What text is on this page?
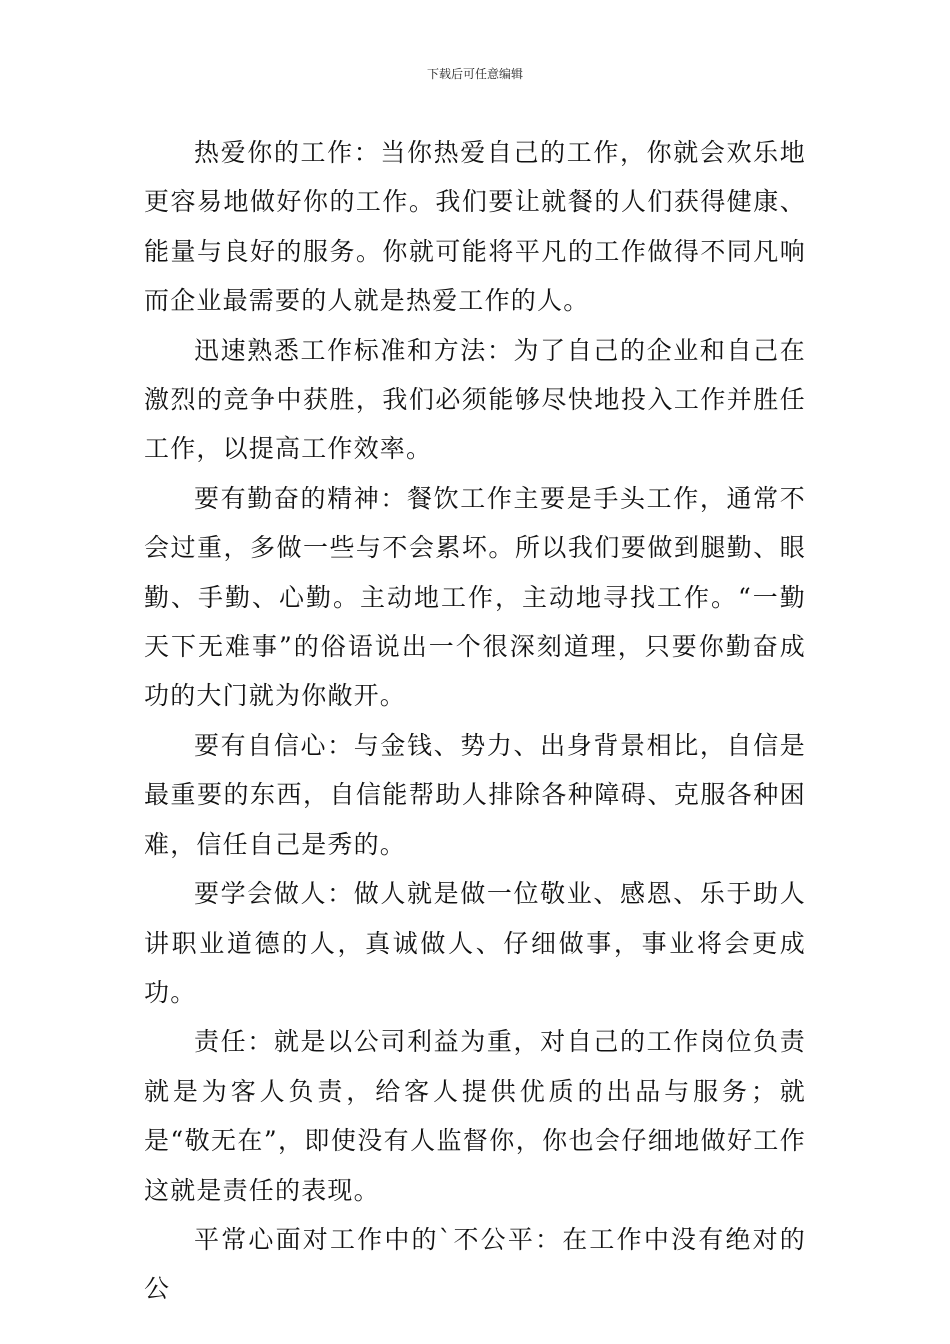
下载后可任意编辑

热爱你的工作：当你热爱自己的工作，你就会欢乐地更容易地做好你的工作。我们要让就餐的人们获得健康、能量与良好的服务。你就可能将平凡的工作做得不同凡响而企业最需要的人就是热爱工作的人。

迅速熟悉工作标准和方法：为了自己的企业和自己在激烈的竞争中获胜，我们必须能够尽快地投入工作并胜任工作，以提高工作效率。

要有勤奋的精神：餐饮工作主要是手头工作，通常不会过重，多做一些与不会累坏。所以我们要做到腿勤、眼勤、手勤、心勤。主动地工作，主动地寻找工作。“一勤天下无难事”的俗语说出一个很深刻道理，只要你勤奋成功的大门就为你敞开。

要有自信心：与金钱、势力、出身背景相比，自信是最重要的东西，自信能帮助人排除各种障碍、克服各种困难，信任自己是秀的。

要学会做人：做人就是做一位敬业、感恩、乐于助人讲职业道德的人，真诚做人、仔细做事，事业将会更成功。

责任：就是以公司利益为重，对自己的工作岗位负责就是为客人负责，给客人提供优质的出品与服务；就是“敬无在”，即使没有人监督你，你也会仔细地做好工作这就是责任的表现。

平常心面对工作中的`不公平：在工作中没有绝对的公
